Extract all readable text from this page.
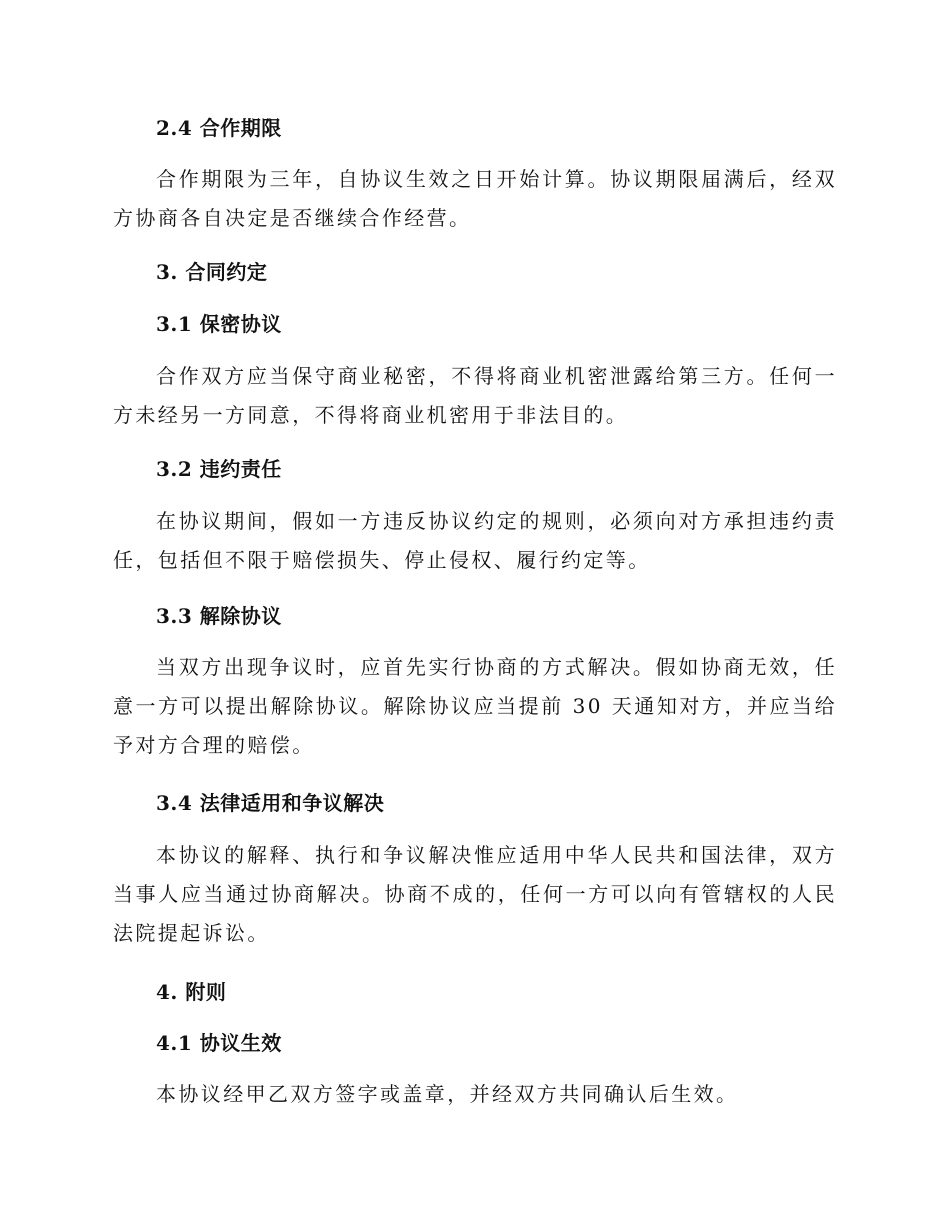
2.4 合作期限

合作期限为三年，自协议生效之日开始计算。协议期限届满后，经双方协商各自决定是否继续合作经营。

3. 合同约定
3.1 保密协议

合作双方应当保守商业秘密，不得将商业机密泄露给第三方。任何一方未经另一方同意，不得将商业机密用于非法目的。

3.2 违约责任

在协议期间，假如一方违反协议约定的规则，必须向对方承担违约责任，包括但不限于赔偿损失、停止侵权、履行约定等。

3.3 解除协议

当双方出现争议时，应首先实行协商的方式解决。假如协商无效，任意一方可以提出解除协议。解除协议应当提前 30 天通知对方，并应当给予对方合理的赔偿。

3.4 法律适用和争议解决

本协议的解释、执行和争议解决惟应适用中华人民共和国法律，双方当事人应当通过协商解决。协商不成的，任何一方可以向有管辖权的人民法院提起诉讼。

4. 附则
4.1 协议生效

本协议经甲乙双方签字或盖章，并经双方共同确认后生效。
